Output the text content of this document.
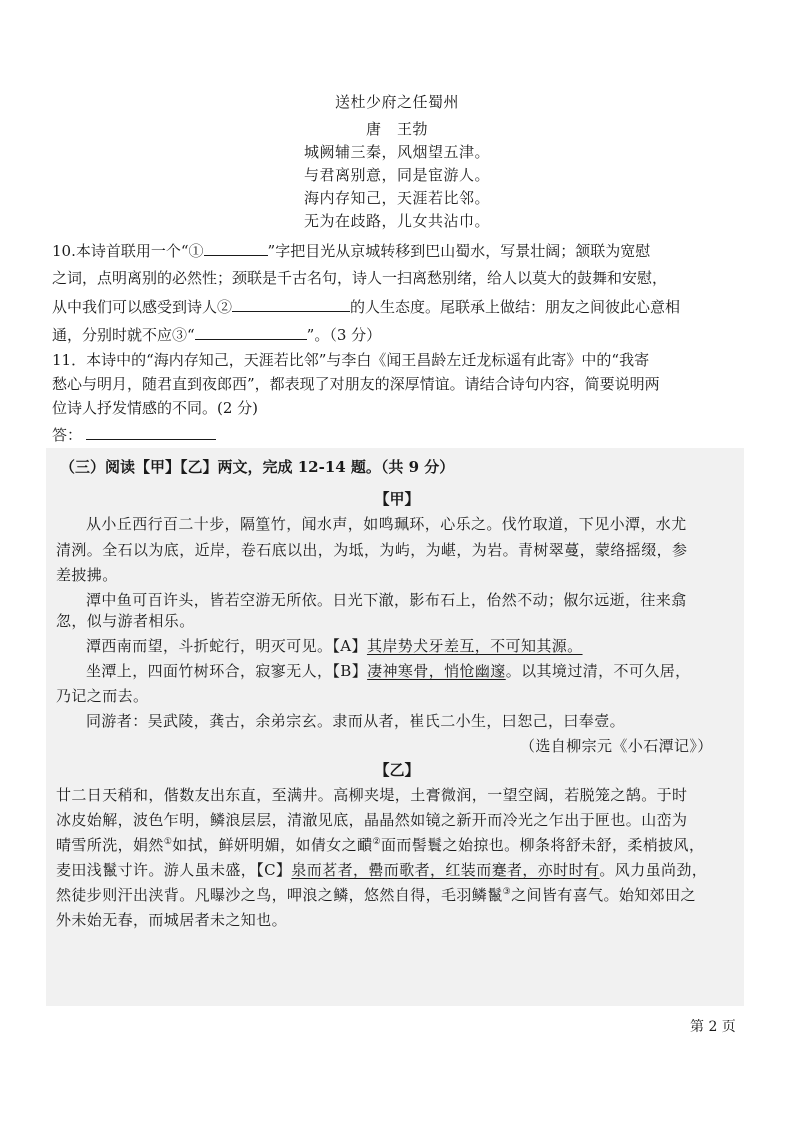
送杜少府之任蜀州
唐　王勃
城阙辅三秦，风烟望五津。
与君离别意，同是宦游人。
海内存知己，天涯若比邻。
无为在歧路，儿女共沾巾。
10.本诗首联用一个“①	”字把目光从京城转移到巴山蜀水，写景壮阔；颔联为宽慰
之词，点明离别的必然性；颈联是千古名句，诗人一扫离愁别绪，给人以莫大的鼓舞和安慰，
从中我们可以感受到诗人②	的人生态度。尾联承上做结：朋友之间彼此心意相
通，分别时就不应③“	”。（3 分）
11．本诗中的“海内存知己，天涯若比邻”与李白《闻王昌龄左迁龙标遥有此寄》中的“我寄
愁心与明月，随君直到夜郎西”，都表现了对朋友的深厚情谊。请结合诗句内容，简要说明两
位诗人抒发情感的不同。(2 分)
答：
（三）阅读【甲】【乙】两文，完成 12-14 题。（共 9 分）
【甲】
从小丘西行百二十步，隔篁竹，闻水声，如鸣珮环，心乐之。伐竹取道，下见小潭，水尤
清洌。全石以为底，近岸，卷石底以出，为坻，为屿，为嵁，为岩。青树翠蔓，蒙络摇缀，参
差披拂。
潭中鱼可百许头，皆若空游无所依。日光下澈，影布石上，佁然不动；俶尔远逝，往来翕
忽，似与游者相乐。
潭西南而望，斗折蛇行，明灭可见。【A】其岸势犬牙差互，不可知其源。
坐潭上，四面竹树环合，寂寥无人，【B】凄神寒骨，悄怆幽邃。以其境过清，不可久居，
乃记之而去。
同游者：吴武陵，龚古，余弟宗玄。隶而从者，崔氏二小生，曰恕己，曰奉壹。
（选自柳宗元《小石潭记》）
【乙】
廿二日天稍和，偕数友出东直，至满井。高柳夹堤，土膏微润，一望空阔，若脱笼之鹄。于时
冰皮始解，波色乍明，鳞浪层层，清澈见底，晶晶然如镜之新开而冷光之乍出于匣也。山峦为
晴雪所洗，娟然①如拭，鲜妍明媚，如倩女之靧②面而髻鬟之始掠也。柳条将舒未舒，柔梢披风，
麦田浅鬣寸许。游人虽未盛，【C】泉而茗者，罍而歌者，红装而蹇者，亦时时有。风力虽尚劲，
然徒步则汗出浃背。凡曝沙之鸟，呷浪之鳞，悠然自得，毛羽鳞鬣③之间皆有喜气。始知郊田之
外未始无春，而城居者未之知也。
第 2 页
